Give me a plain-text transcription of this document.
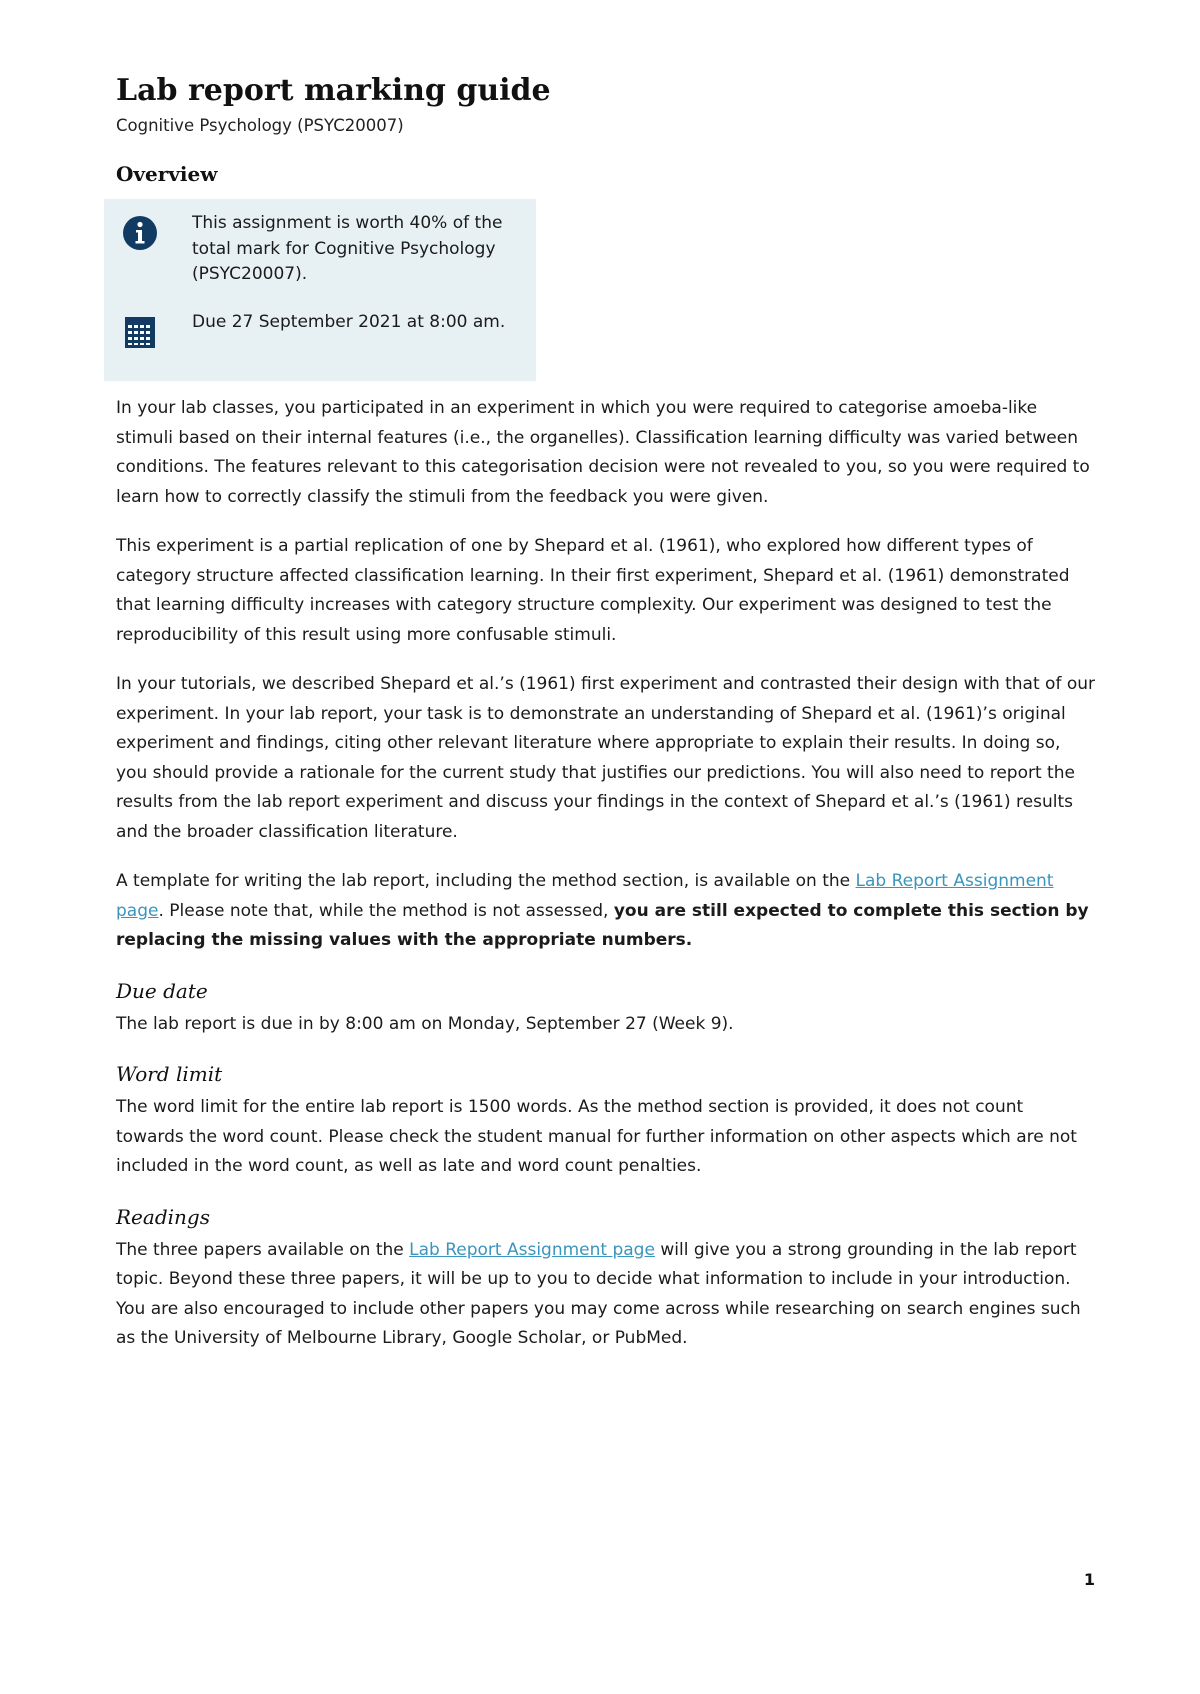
Lab report marking guide
Cognitive Psychology (PSYC20007)
Overview
This assignment is worth 40% of the total mark for Cognitive Psychology (PSYC20007).
Due 27 September 2021 at 8:00 am.

In your lab classes, you participated in an experiment in which you were required to categorise amoeba-like stimuli based on their internal features (i.e., the organelles). Classification learning difficulty was varied between conditions. The features relevant to this categorisation decision were not revealed to you, so you were required to learn how to correctly classify the stimuli from the feedback you were given.

This experiment is a partial replication of one by Shepard et al. (1961), who explored how different types of category structure affected classification learning. In their first experiment, Shepard et al. (1961) demonstrated that learning difficulty increases with category structure complexity. Our experiment was designed to test the reproducibility of this result using more confusable stimuli.

In your tutorials, we described Shepard et al.’s (1961) first experiment and contrasted their design with that of our experiment. In your lab report, your task is to demonstrate an understanding of Shepard et al. (1961)’s original experiment and findings, citing other relevant literature where appropriate to explain their results. In doing so, you should provide a rationale for the current study that justifies our predictions. You will also need to report the results from the lab report experiment and discuss your findings in the context of Shepard et al.’s (1961) results and the broader classification literature.

A template for writing the lab report, including the method section, is available on the Lab Report Assignment page. Please note that, while the method is not assessed, you are still expected to complete this section by replacing the missing values with the appropriate numbers.

Due date

The lab report is due in by 8:00 am on Monday, September 27 (Week 9).

Word limit

The word limit for the entire lab report is 1500 words. As the method section is provided, it does not count towards the word count. Please check the student manual for further information on other aspects which are not included in the word count, as well as late and word count penalties.

Readings

The three papers available on the Lab Report Assignment page will give you a strong grounding in the lab report topic. Beyond these three papers, it will be up to you to decide what information to include in your introduction. You are also encouraged to include other papers you may come across while researching on search engines such as the University of Melbourne Library, Google Scholar, or PubMed.

1
